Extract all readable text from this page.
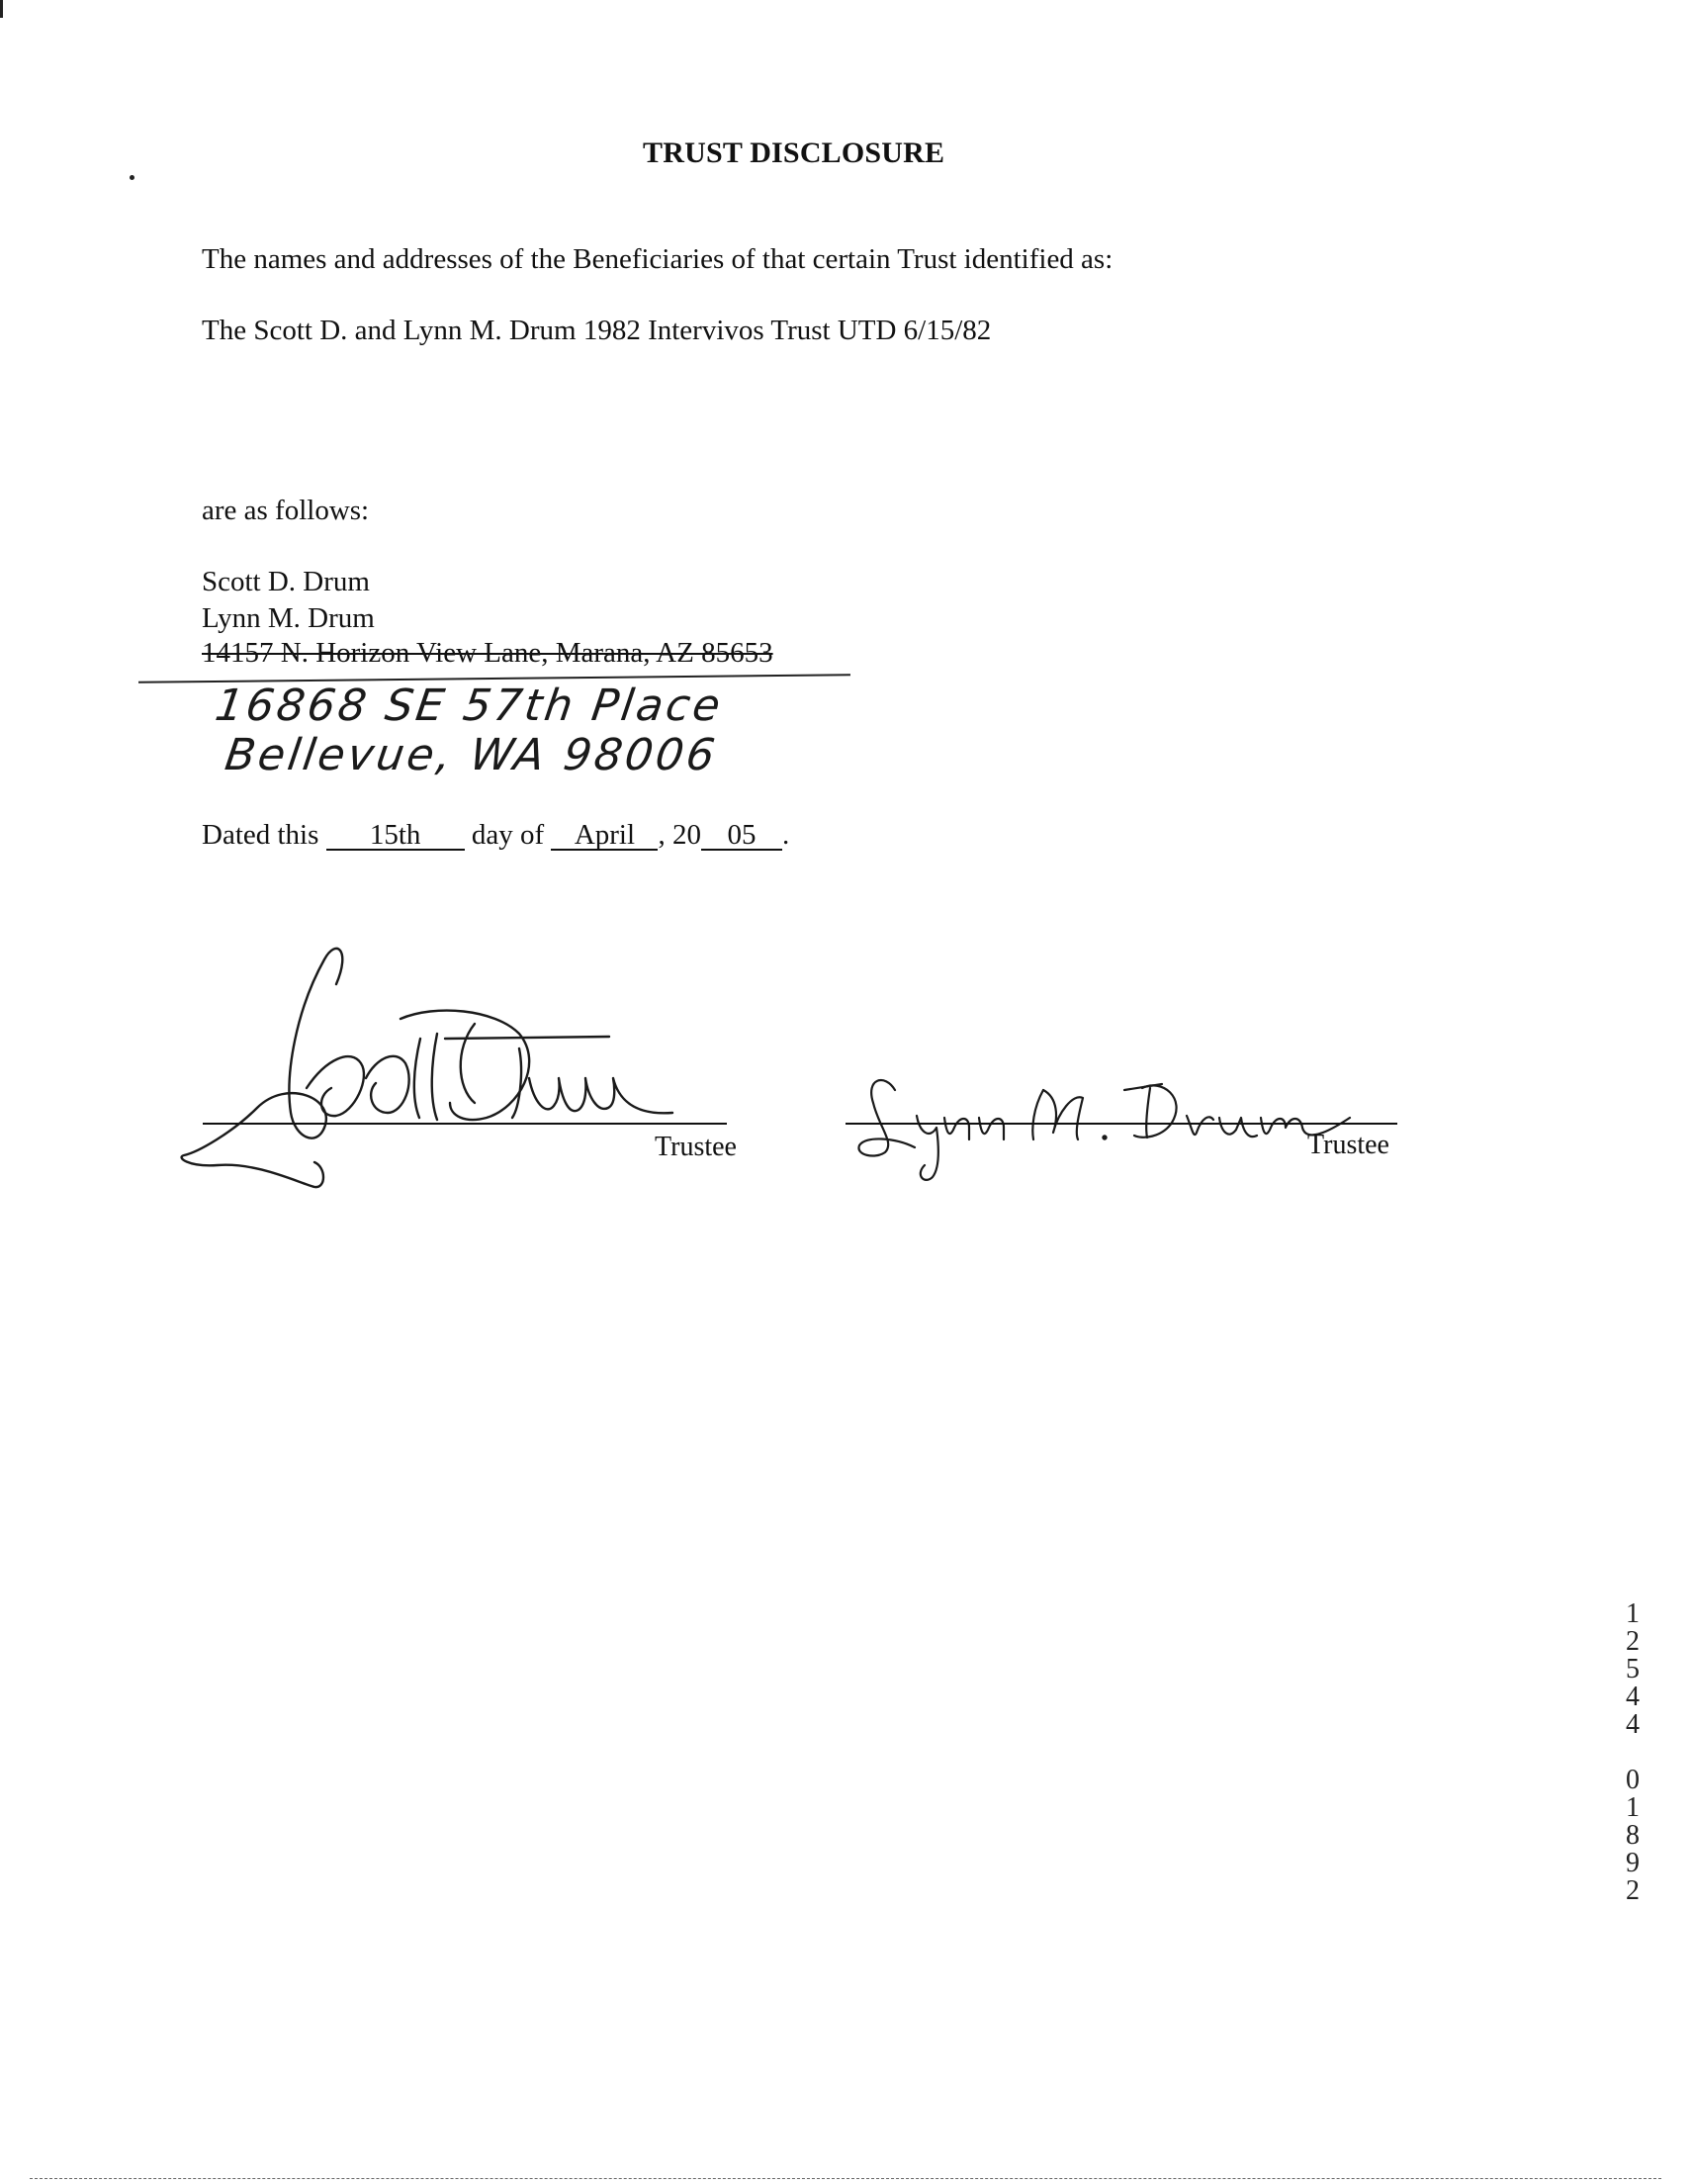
TRUST DISCLOSURE
The names and addresses of the Beneficiaries of that certain Trust identified as:
The Scott D. and Lynn M. Drum 1982 Intervivos Trust UTD 6/15/82
are as follows:
Scott D. Drum
Lynn M. Drum
14157 N. Horizon View Lane, Marana, AZ 85653
16868 SE 57th Place
Bellevue, WA 98006
Dated this 15th day of April , 20 05 .
Trustee	Trustee
1
2
5
4
4
0
1
8
9
2
